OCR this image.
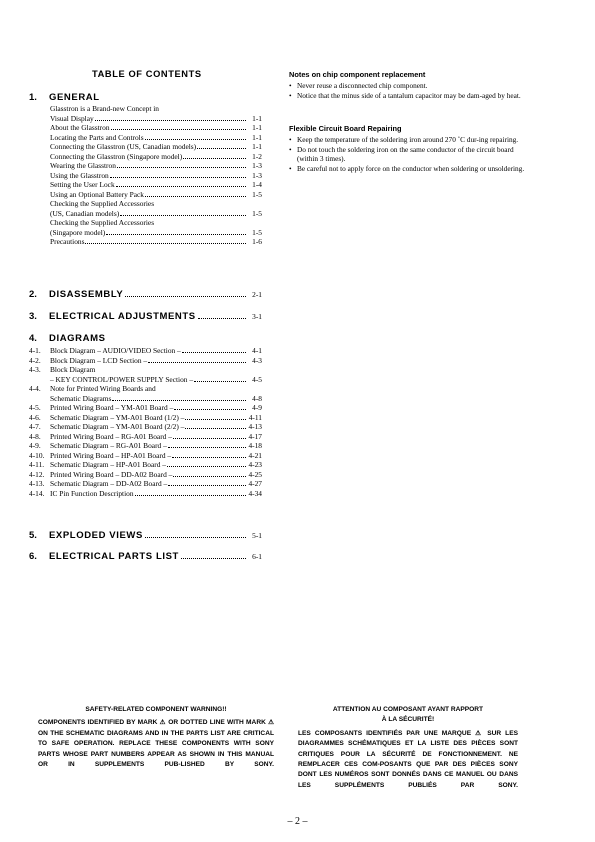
TABLE OF CONTENTS
1. GENERAL
Glasstron is a Brand-new Concept in
Visual Display	1-1
About the Glasstron	1-1
Locating the Parts and Controls	1-1
Connecting the Glasstron (US, Canadian models)	1-1
Connecting the Glasstron (Singapore model)	1-2
Wearing the Glasstron	1-3
Using the Glasstron	1-3
Setting the User Lock	1-4
Using an Optional Battery Pack	1-5
Checking the Supplied Accessories
(US, Canadian models)	1-5
Checking the Supplied Accessories
(Singapore model)	1-5
Precautions	1-6
2. DISASSEMBLY	2-1
3. ELECTRICAL ADJUSTMENTS	3-1
4. DIAGRAMS
4-1.	Block Diagram – AUDIO/VIDEO Section –	4-1
4-2.	Block Diagram – LCD Section –	4-3
4-3.	Block Diagram
– KEY CONTROL/POWER SUPPLY Section –	4-5
4-4.	Note for Printed Wiring Boards and
Schematic Diagrams	4-8
4-5.	Printed Wiring Board – YM-A01 Board –	4-9
4-6.	Schematic Diagram – YM-A01 Board (1/2) –	4-11
4-7.	Schematic Diagram – YM-A01 Board (2/2) –	4-13
4-8.	Printed Wiring Board – RG-A01 Board –	4-17
4-9.	Schematic Diagram – RG-A01 Board –	4-18
4-10. Printed Wiring Board – HP-A01 Board –	4-21
4-11. Schematic Diagram – HP-A01 Board –	4-23
4-12. Printed Wiring Board – DD-A02 Board –	4-25
4-13. Schematic Diagram – DD-A02 Board –	4-27
4-14. IC Pin Function Description	4-34
5. EXPLODED VIEWS	5-1
6. ELECTRICAL PARTS LIST	6-1
Notes on chip component replacement
• Never reuse a disconnected chip component.
• Notice that the minus side of a tantalum capacitor may be dam-aged by heat.
Flexible Circuit Board Repairing
• Keep the temperature of the soldering iron around 270 ˚C dur-ing repairing.
• Do not touch the soldering iron on the same conductor of the circuit board (within 3 times).
• Be careful not to apply force on the conductor when soldering or unsoldering.
SAFETY-RELATED COMPONENT WARNING!!
COMPONENTS IDENTIFIED BY MARK ⚠ OR DOTTED LINE WITH MARK ⚠ ON THE SCHEMATIC DIAGRAMS AND IN THE PARTS LIST ARE CRITICAL TO SAFE OPERATION. REPLACE THESE COMPONENTS WITH SONY PARTS WHOSE PART NUMBERS APPEAR AS SHOWN IN THIS MANUAL OR IN SUPPLEMENTS PUB-LISHED BY SONY.
ATTENTION AU COMPOSANT AYANT RAPPORT
À LA SÉCURITÉ!
LES COMPOSANTS IDENTIFIÉS PAR UNE MARQUE ⚠ SUR LES DIAGRAMMES SCHÉMATIQUES ET LA LISTE DES PIÈCES SONT CRITIQUES POUR LA SÉCURITÉ DE FONCTIONNEMENT. NE REMPLACER CES COM-POSANTS QUE PAR DES PIÈCES SONY DONT LES NUMÉROS SONT DONNÉS DANS CE MANUEL OU DANS LES SUPPLÉMENTS PUBLIÉS PAR SONY.
– 2 –
